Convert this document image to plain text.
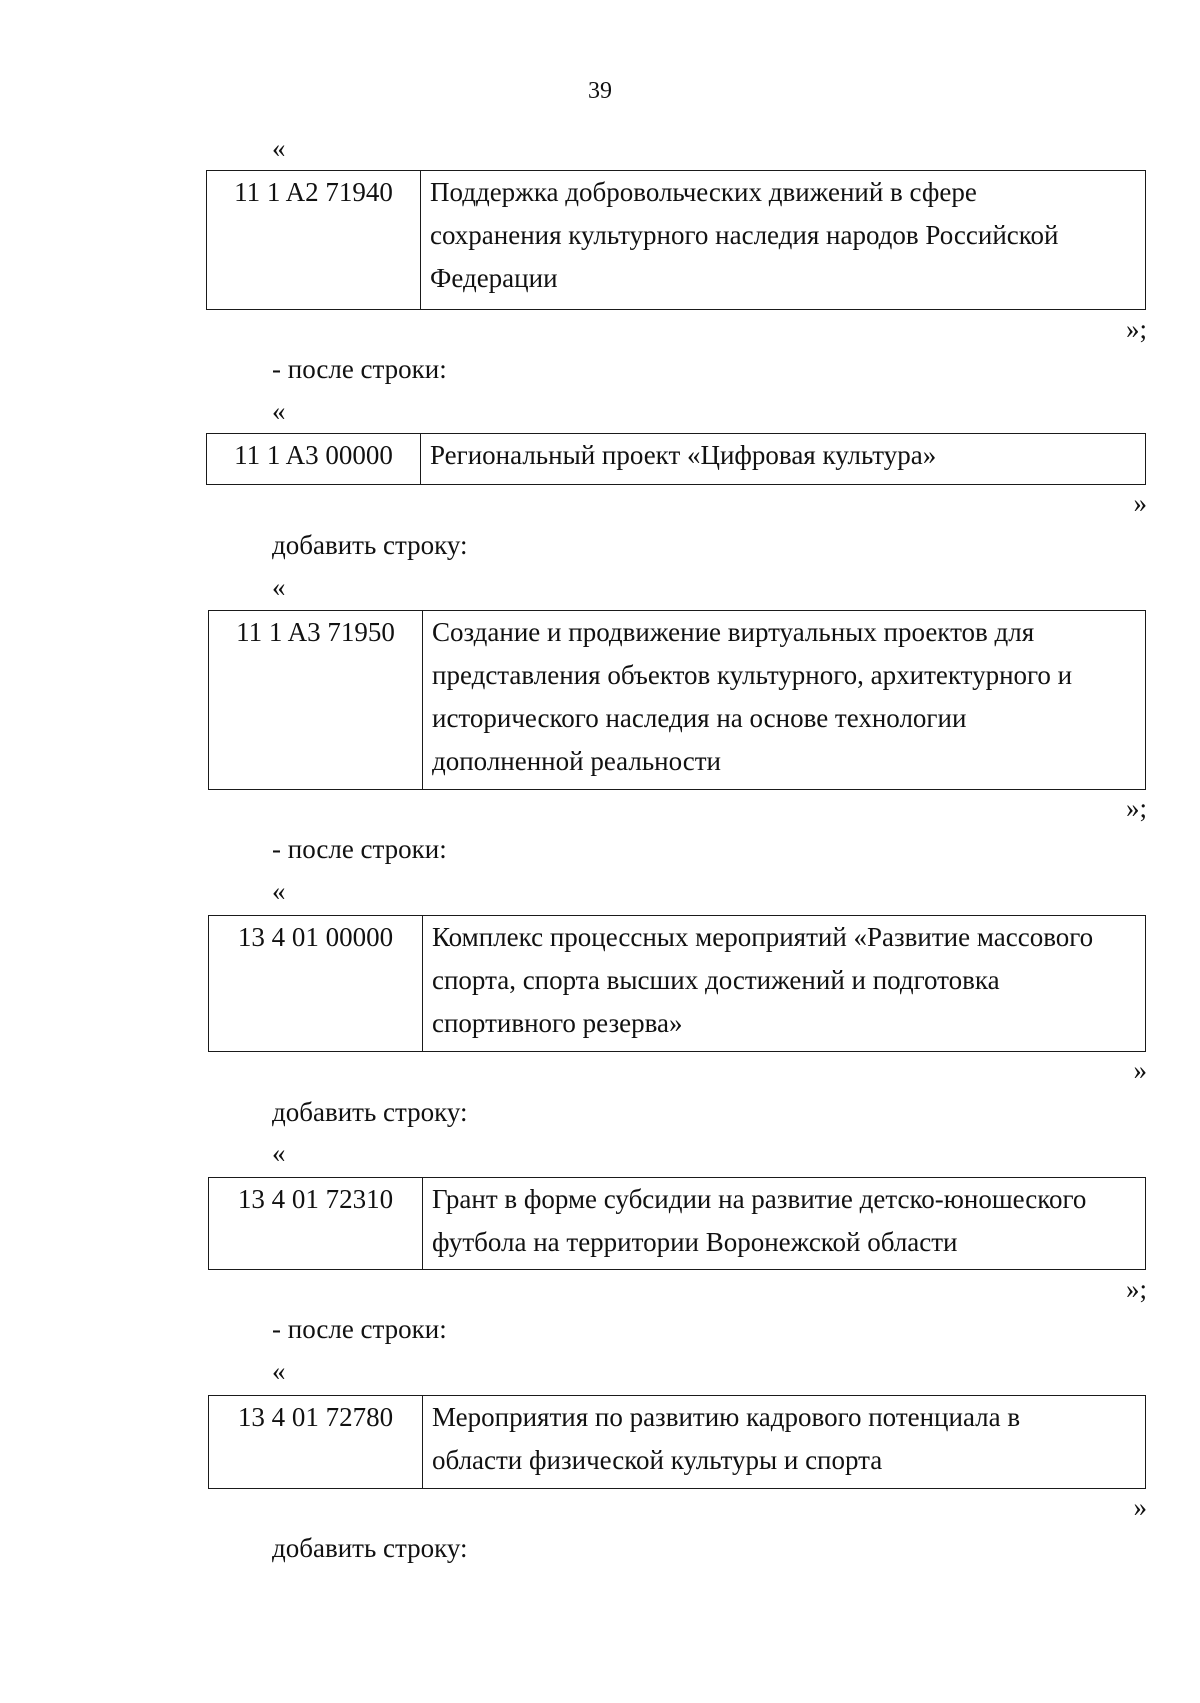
39
«
11 1 A2 71940	Поддержка добровольческих движений в сфере
сохранения культурного наследия народов Российской
Федерации
»;
- после строки:
«
11 1 A3 00000	Региональный проект «Цифровая культура»
»
добавить строку:
«
11 1 A3 71950	Создание и продвижение виртуальных проектов для
представления объектов культурного, архитектурного и
исторического наследия на основе технологии
дополненной реальности
»;
- после строки:
«
13 4 01 00000	Комплекс процессных мероприятий «Развитие массового
спорта, спорта высших достижений и подготовка
спортивного резерва»
»
добавить строку:
«
13 4 01 72310	Грант в форме субсидии на развитие детско-юношеского
футбола на территории Воронежской области
»;
- после строки:
«
13 4 01 72780	Мероприятия по развитию кадрового потенциала в
области физической культуры и спорта
»
добавить строку:
